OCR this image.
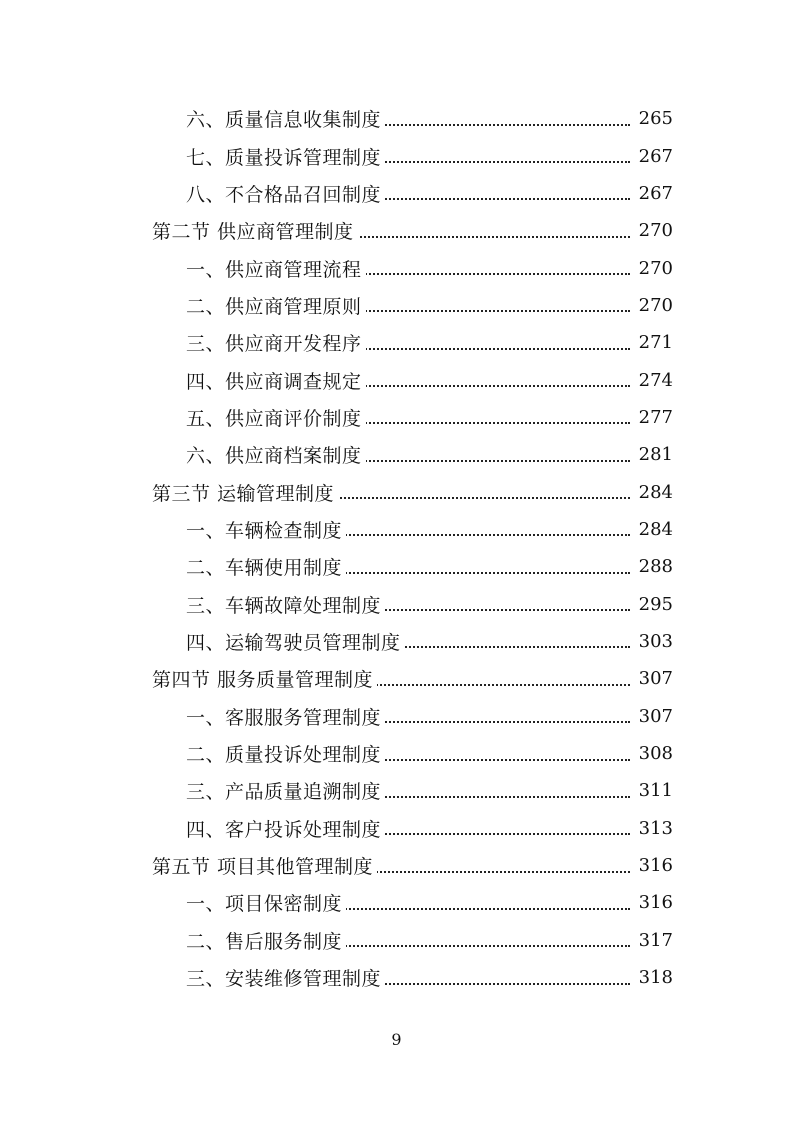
六、质量信息收集制度	265
七、质量投诉管理制度	267
八、不合格品召回制度	267
第二节 供应商管理制度	270
一、供应商管理流程	270
二、供应商管理原则	270
三、供应商开发程序	271
四、供应商调查规定	274
五、供应商评价制度	277
六、供应商档案制度	281
第三节 运输管理制度	284
一、车辆检查制度	284
二、车辆使用制度	288
三、车辆故障处理制度	295
四、运输驾驶员管理制度	303
第四节 服务质量管理制度	307
一、客服服务管理制度	307
二、质量投诉处理制度	308
三、产品质量追溯制度	311
四、客户投诉处理制度	313
第五节 项目其他管理制度	316
一、项目保密制度	316
二、售后服务制度	317
三、安装维修管理制度	318
9
